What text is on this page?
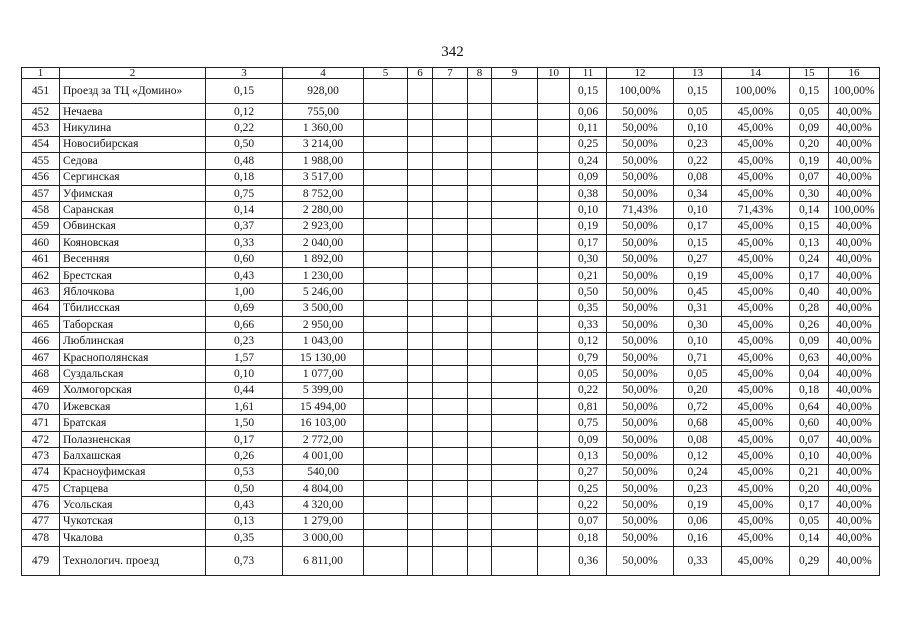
342
1	2	3	4	5	6	7	8	9	10	11	12	13	14	15	16
451	Проезд за ТЦ «Домино»	0,15	928,00							0,15	100,00%	0,15	100,00%	0,15	100,00%
452	Нечаева	0,12	755,00							0,06	50,00%	0,05	45,00%	0,05	40,00%
453	Никулина	0,22	1 360,00							0,11	50,00%	0,10	45,00%	0,09	40,00%
454	Новосибирская	0,50	3 214,00							0,25	50,00%	0,23	45,00%	0,20	40,00%
455	Седова	0,48	1 988,00							0,24	50,00%	0,22	45,00%	0,19	40,00%
456	Сергинская	0,18	3 517,00							0,09	50,00%	0,08	45,00%	0,07	40,00%
457	Уфимская	0,75	8 752,00							0,38	50,00%	0,34	45,00%	0,30	40,00%
458	Саранская	0,14	2 280,00							0,10	71,43%	0,10	71,43%	0,14	100,00%
459	Обвинская	0,37	2 923,00							0,19	50,00%	0,17	45,00%	0,15	40,00%
460	Кояновская	0,33	2 040,00							0,17	50,00%	0,15	45,00%	0,13	40,00%
461	Весенняя	0,60	1 892,00							0,30	50,00%	0,27	45,00%	0,24	40,00%
462	Брестская	0,43	1 230,00							0,21	50,00%	0,19	45,00%	0,17	40,00%
463	Яблочкова	1,00	5 246,00							0,50	50,00%	0,45	45,00%	0,40	40,00%
464	Тбилисская	0,69	3 500,00							0,35	50,00%	0,31	45,00%	0,28	40,00%
465	Таборская	0,66	2 950,00							0,33	50,00%	0,30	45,00%	0,26	40,00%
466	Люблинская	0,23	1 043,00							0,12	50,00%	0,10	45,00%	0,09	40,00%
467	Краснополянская	1,57	15 130,00							0,79	50,00%	0,71	45,00%	0,63	40,00%
468	Суздальская	0,10	1 077,00							0,05	50,00%	0,05	45,00%	0,04	40,00%
469	Холмогорская	0,44	5 399,00							0,22	50,00%	0,20	45,00%	0,18	40,00%
470	Ижевская	1,61	15 494,00							0,81	50,00%	0,72	45,00%	0,64	40,00%
471	Братская	1,50	16 103,00							0,75	50,00%	0,68	45,00%	0,60	40,00%
472	Полазненская	0,17	2 772,00							0,09	50,00%	0,08	45,00%	0,07	40,00%
473	Балхашская	0,26	4 001,00							0,13	50,00%	0,12	45,00%	0,10	40,00%
474	Красноуфимская	0,53	540,00							0,27	50,00%	0,24	45,00%	0,21	40,00%
475	Старцева	0,50	4 804,00							0,25	50,00%	0,23	45,00%	0,20	40,00%
476	Усольская	0,43	4 320,00							0,22	50,00%	0,19	45,00%	0,17	40,00%
477	Чукотская	0,13	1 279,00							0,07	50,00%	0,06	45,00%	0,05	40,00%
478	Чкалова	0,35	3 000,00							0,18	50,00%	0,16	45,00%	0,14	40,00%
479	Технологич. проезд	0,73	6 811,00							0,36	50,00%	0,33	45,00%	0,29	40,00%
